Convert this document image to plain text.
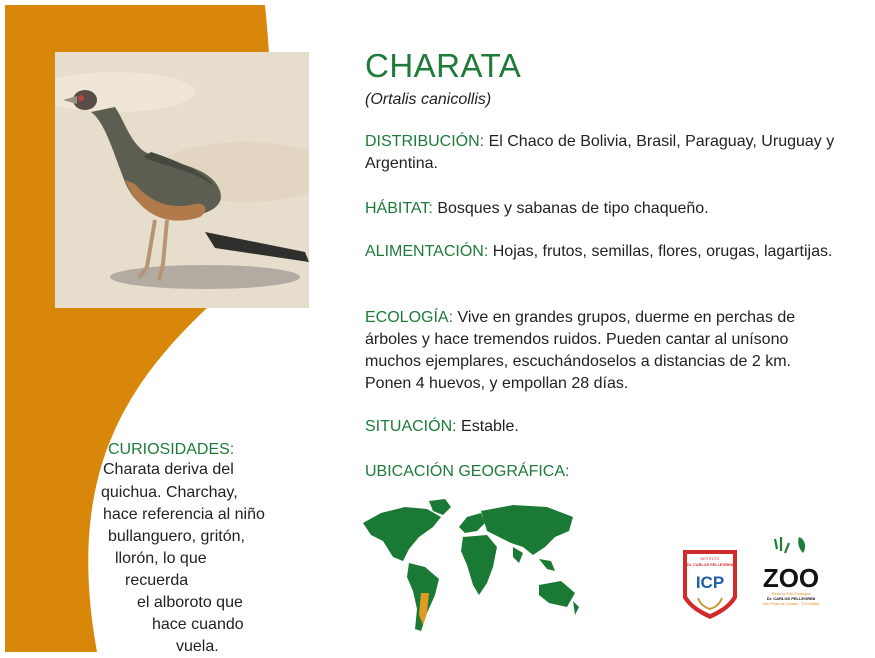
CHARATA
(Ortalis canicollis)
DISTRIBUCIÓN: El Chaco de Bolivia, Brasil, Paraguay, Uruguay y Argentina.
HÁBITAT: Bosques y sabanas de tipo chaqueño.
ALIMENTACIÓN: Hojas, frutos, semillas, flores, orugas, lagartijas.
ECOLOGÍA: Vive en grandes grupos, duerme en perchas de árboles y hace tremendos ruidos. Pueden cantar al unísono muchos ejemplares, escuchándoselos a distancias de 2 km. Ponen 4 huevos, y empollan 28 días.
SITUACIÓN: Estable.
UBICACIÓN GEOGRÁFICA:
CURIOSIDADES:
Charata deriva del
quichua. Charchay,
hace referencia al niño
bullanguero, gritón,
llorón, lo que
recuerda
el alboroto que
hace cuando
vuela.
INSTITUTO
Dr. CARLOS PELLEGRINI
ICP ZOO
Reserva Fito Zoológica
Dr. CARLOS PELLEGRINI
San Pedro de Colalao - TUCUMAN
